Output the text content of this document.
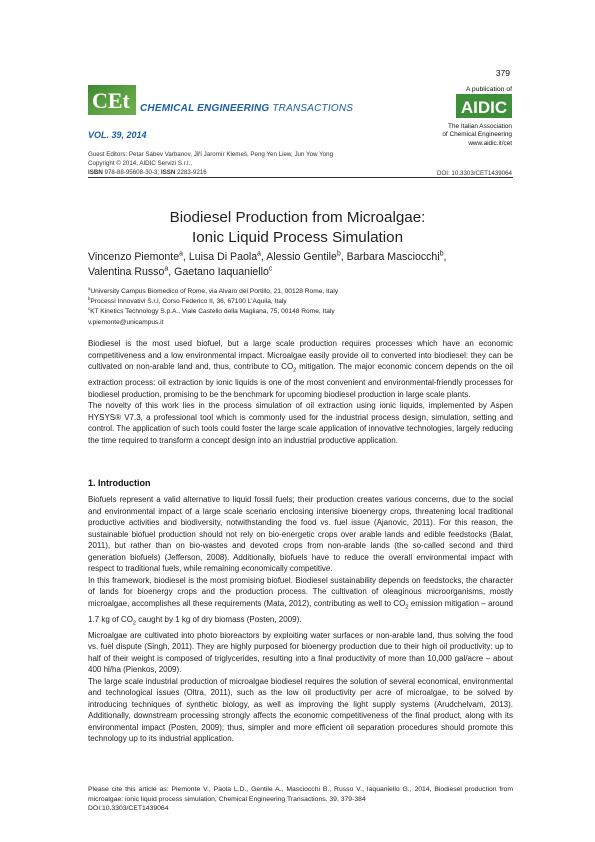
379
CEt CHEMICAL ENGINEERING TRANSACTIONS
VOL. 39, 2014
A publication of
AIDIC
The Italian Association
of Chemical Engineering
www.aidic.it/cet
Guest Editors: Petar Sabev Varbanov, Jiří Jaromír Klemeš, Peng Yen Liew, Jun Yow Yong
Copyright © 2014, AIDIC Servizi S.r.l.,
ISBN 978-88-95608-30-3; ISSN 2283-9216	DOI: 10.3303/CET1439064
Biodiesel Production from Microalgae:
Ionic Liquid Process Simulation
Vincenzo Piemonte$^a$, Luisa Di Paola$^a$, Alessio Gentile$^b$, Barbara Masciocchi$^b$,
Valentina Russo$^a$, Gaetano Iaquaniello$^c$
$^a$University Campus Biomedico of Rome, via Alvaro del Portillo, 21, 00128 Rome, Italy
$^b$Processi Innovativi S.r.l, Corso Federico II, 36, 67100 L'Aquila, Italy
$^c$KT Kinetics Technology S.p.A., Viale Castello della Magliana, 75, 00148 Rome, Italy
v.piemonte@unicampus.it

Biodiesel is the most used biofuel, but a large scale production requires processes which have an economic competitiveness and a low environmental impact. Microalgae easily provide oil to converted into biodiesel: they can be cultivated on non-arable land and, thus, contribute to $CO_2$ mitigation. The major economic concern depends on the oil extraction process: oil extraction by ionic liquids is one of the most convenient and environmental-friendly processes for biodiesel production, promising to be the benchmark for upcoming biodiesel production in large scale plants.

The novelty of this work lies in the process simulation of oil extraction using ionic liquids, implemented by Aspen HYSYS® V7.3, a professional tool which is commonly used for the industrial process design, simulation, setting and control. The application of such tools could foster the large scale application of innovative technologies, largely reducing the time required to transform a concept design into an industrial productive application.

1. Introduction

Biofuels represent a valid alternative to liquid fossil fuels; their production creates various concerns, due to the social and environmental impact of a large scale scenario enclosing intensive bioenergy crops, threatening local traditional productive activities and biodiversity, notwithstanding the food vs. fuel issue (Ajanovic, 2011). For this reason, the sustainable biofuel production should not rely on bio-energetic crops over arable lands and edible feedstocks (Balat, 2011), but rather than on bio-wastes and devoted crops from non-arable lands (the so-called second and third generation biofuels) (Jefferson, 2008). Additionally, biofuels have to reduce the overall environmental impact with respect to traditional fuels, while remaining economically competitive.

In this framework, biodiesel is the most promising biofuel. Biodiesel sustainability depends on feedstocks, the character of lands for bioenergy crops and the production process. The cultivation of oleaginous microorganisms, mostly microalgae, accomplishes all these requirements (Mata, 2012), contributing as well to $CO_2$ emission mitigation – around 1.7 kg of $CO_2$ caught by 1 kg of dry biomass (Posten, 2009).

Microalgae are cultivated into photo bioreactors by exploiting water surfaces or non-arable land, thus solving the food vs. fuel dispute (Singh, 2011). They are highly purposed for bioenergy production due to their high oil productivity: up to half of their weight is composed of triglycerides, resulting into a final productivity of more than 10,000 gal/acre – about 400 hl/ha (Pienkos, 2009).

The large scale industrial production of microalgae biodiesel requires the solution of several economical, environmental and technological issues (Oltra, 2011), such as the low oil productivity per acre of microalgae, to be solved by introducing techniques of synthetic biology, as well as improving the light supply systems (Arudchelvam, 2013). Additionally, downstream processing strongly affects the economic competitiveness of the final product, along with its environmental impact (Posten, 2009); thus, simpler and more efficient oil separation procedures should promote this technology up to its industrial application.

Please cite this article as: Piemonte V., Paola L.D., Gentile A., Masciocchi B., Russo V., Iaquaniello G., 2014, Biodiesel production from microalgae: ionic liquid process simulation, Chemical Engineering Transactions, 39, 379-384
DOI:10.3303/CET1439064
